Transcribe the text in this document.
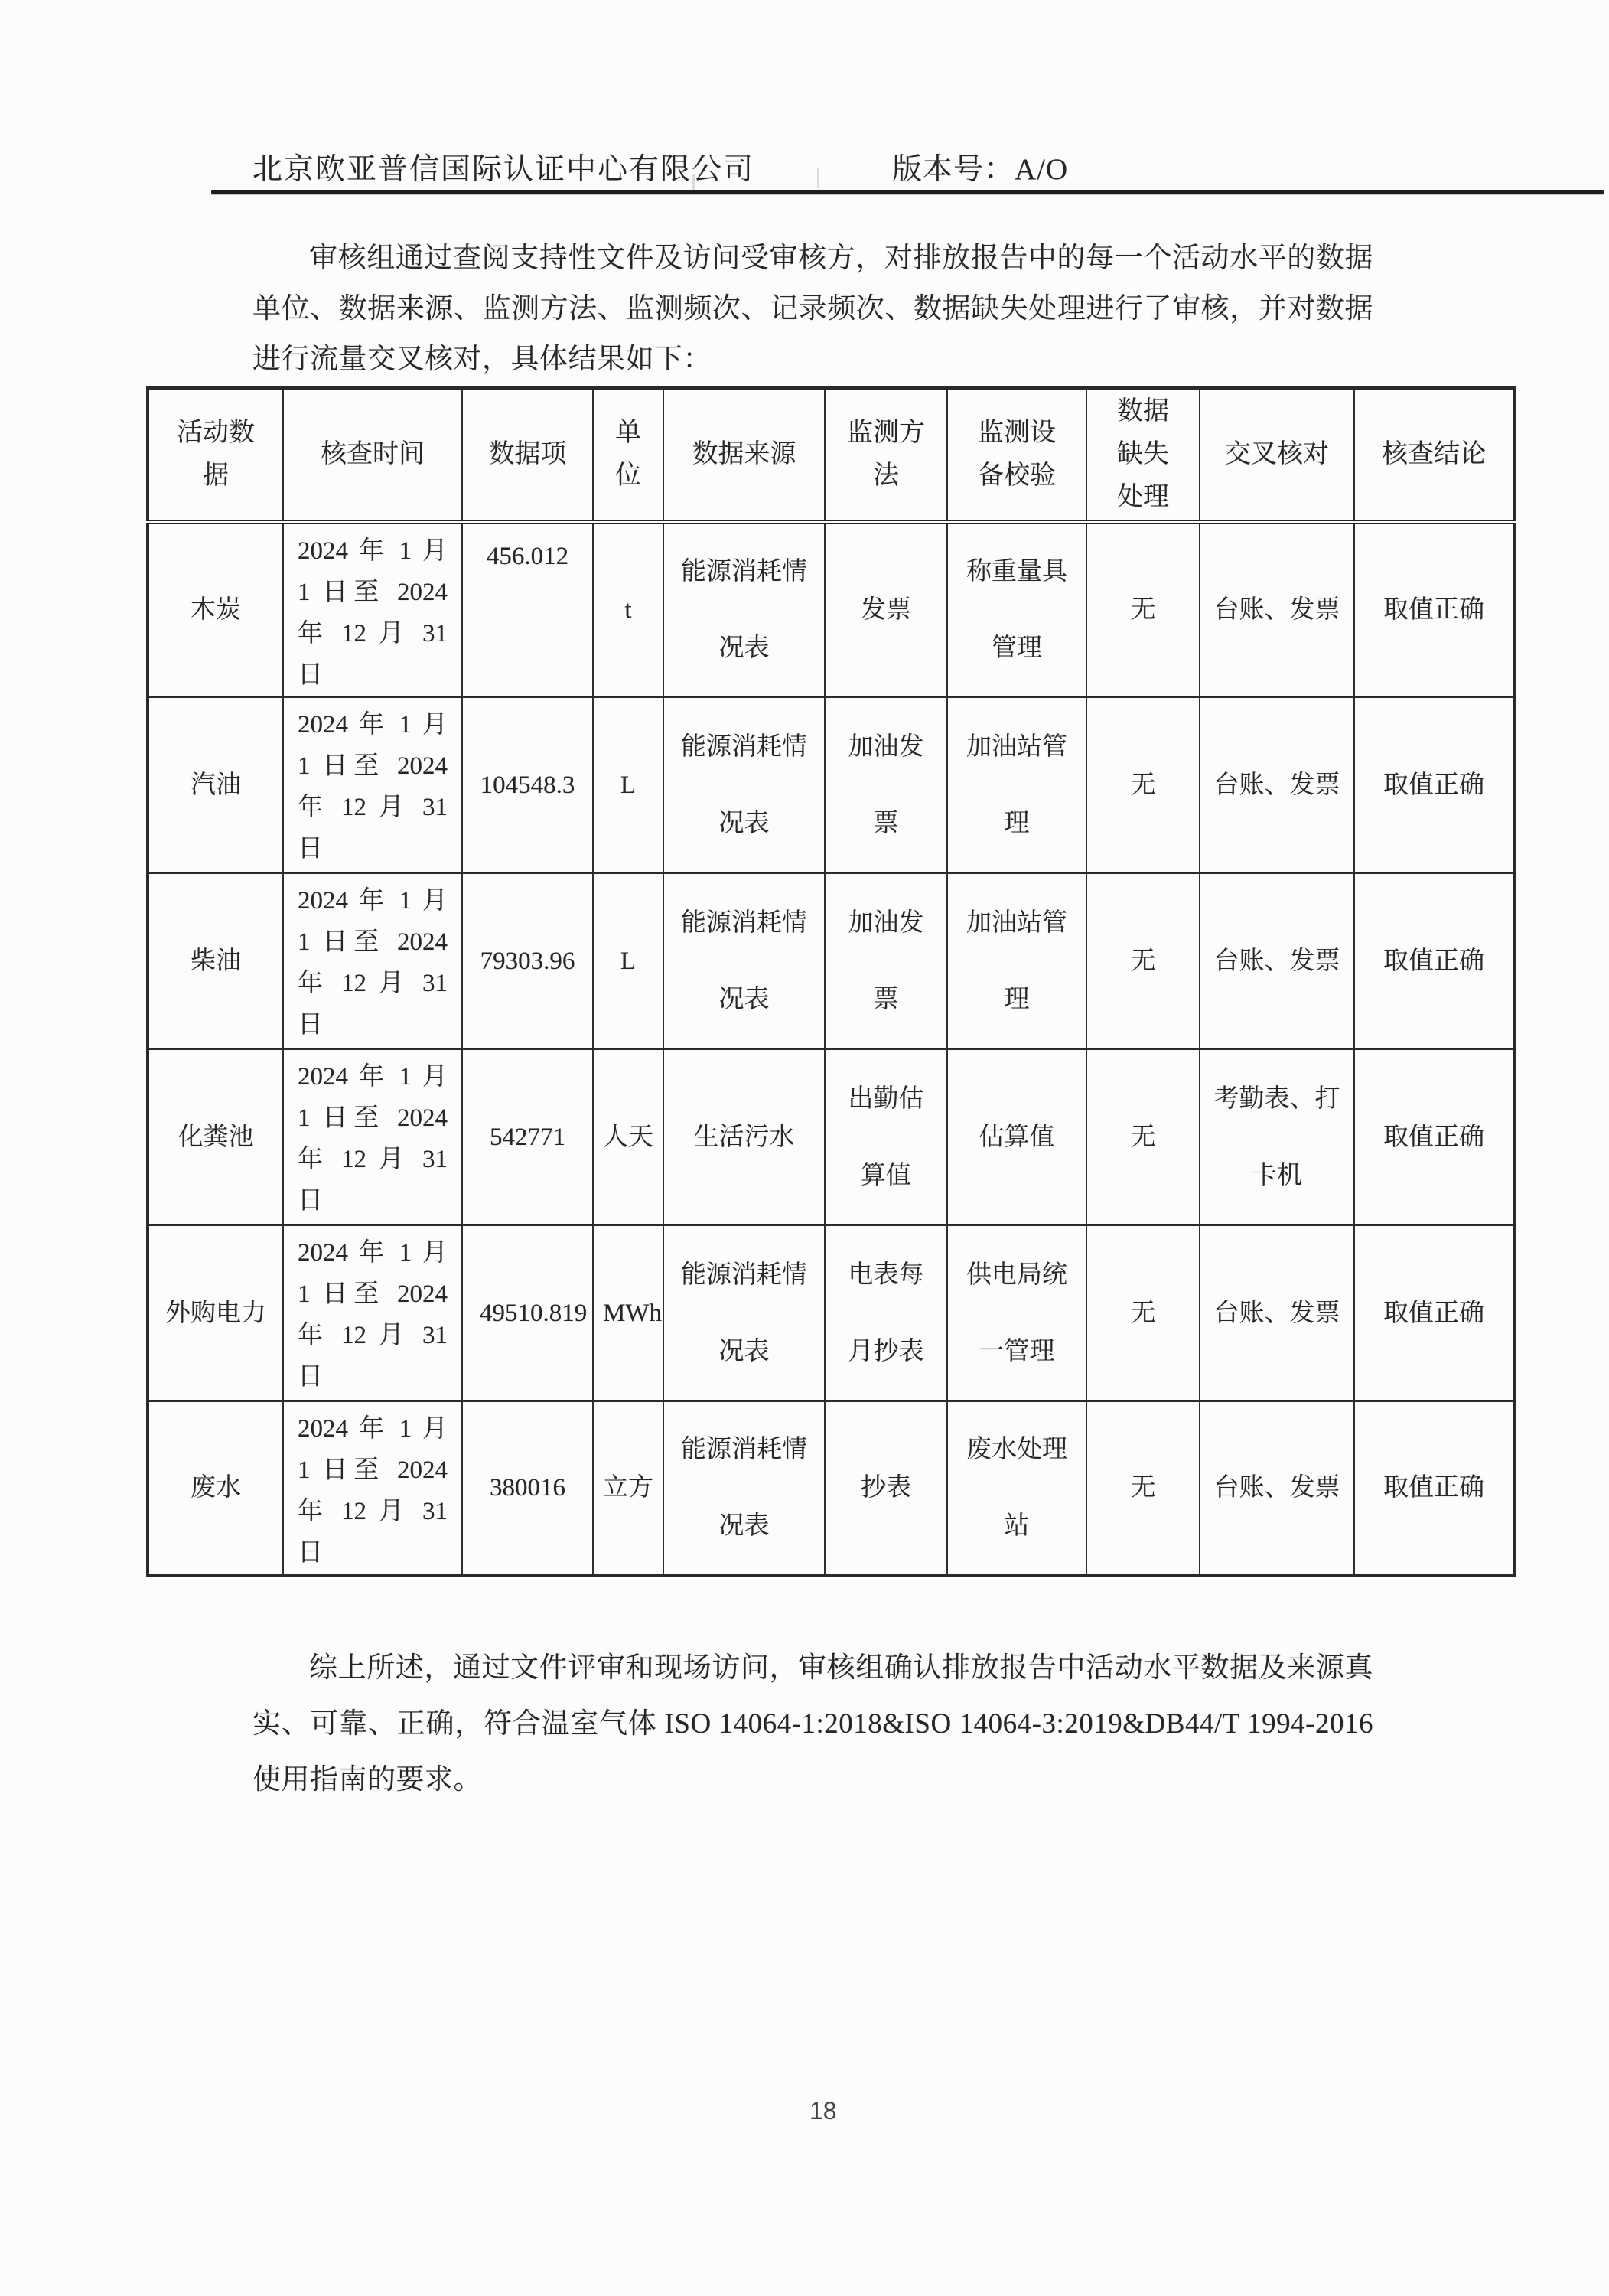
北京欧亚普信国际认证中心有限公司	版本号：A/O

审核组通过查阅支持性文件及访问受审核方，对排放报告中的每一个活动水平的数据单位、数据来源、监测方法、监测频次、记录频次、数据缺失处理进行了审核，并对数据进行流量交叉核对，具体结果如下：

活动数据	核查时间	数据项	单位	数据来源	监测方法	监测设备校验	数据缺失处理	交叉核对	核查结论
木炭	2024 年 1 月 1 日至 2024 年 12 月 31 日	456.012	t	能源消耗情况表	发票	称重量具管理	无	台账、发票	取值正确
汽油	2024 年 1 月 1 日至 2024 年 12 月 31 日	104548.3	L	能源消耗情况表	加油发票	加油站管理	无	台账、发票	取值正确
柴油	2024 年 1 月 1 日至 2024 年 12 月 31 日	79303.96	L	能源消耗情况表	加油发票	加油站管理	无	台账、发票	取值正确
化粪池	2024 年 1 月 1 日至 2024 年 12 月 31 日	542771	人天	生活污水	出勤估算值	估算值	无	考勤表、打卡机	取值正确
外购电力	2024 年 1 月 1 日至 2024 年 12 月 31 日	49510.819	MWh	能源消耗情况表	电表每月抄表	供电局统一管理	无	台账、发票	取值正确
废水	2024 年 1 月 1 日至 2024 年 12 月 31 日	380016	立方	能源消耗情况表	抄表	废水处理站	无	台账、发票	取值正确

综上所述，通过文件评审和现场访问，审核组确认排放报告中活动水平数据及来源真实、可靠、正确，符合温室气体 ISO 14064-1:2018&ISO 14064-3:2019&DB44/T 1994-2016 使用指南的要求。

18
